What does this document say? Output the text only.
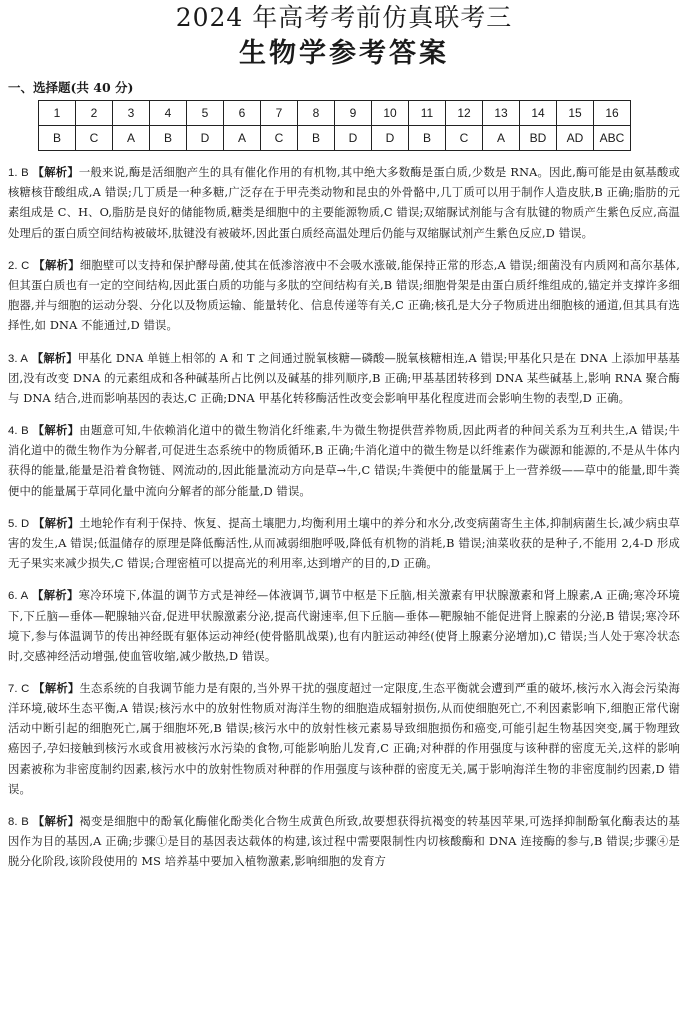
2024 年高考考前仿真联考三
生物学参考答案
一、选择题(共 40 分)
1	2	3	4	5	6	7	8	9	10	11	12	13	14	15	16
B	C	A	B	D	A	C	B	D	D	B	C	A	BD	AD	ABC

1. B 【解析】一般来说,酶是活细胞产生的具有催化作用的有机物,其中绝大多数酶是蛋白质,少数是 RNA。因此,酶可能是由氨基酸或核糖核苷酸组成,A 错误;几丁质是一种多糖,广泛存在于甲壳类动物和昆虫的外骨骼中,几丁质可以用于制作人造皮肤,B 正确;脂肪的元素组成是 C、H、O,脂肪是良好的储能物质,糖类是细胞中的主要能源物质,C 错误;双缩脲试剂能与含有肽键的物质产生紫色反应,高温处理后的蛋白质空间结构被破坏,肽键没有被破坏,因此蛋白质经高温处理后仍能与双缩脲试剂产生紫色反应,D 错误。

2. C 【解析】细胞壁可以支持和保护酵母菌,使其在低渗溶液中不会吸水涨破,能保持正常的形态,A 错误;细菌没有内质网和高尔基体,但其蛋白质也有一定的空间结构,因此蛋白质的功能与多肽的空间结构有关,B 错误;细胞骨架是由蛋白质纤维组成的,锚定并支撑许多细胞器,并与细胞的运动分裂、分化以及物质运输、能量转化、信息传递等有关,C 正确;核孔是大分子物质进出细胞核的通道,但其具有选择性,如 DNA 不能通过,D 错误。

3. A 【解析】甲基化 DNA 单链上相邻的 A 和 T 之间通过脱氧核糖—磷酸—脱氧核糖相连,A 错误;甲基化只是在 DNA 上添加甲基基团,没有改变 DNA 的元素组成和各种碱基所占比例以及碱基的排列顺序,B 正确;甲基基团转移到 DNA 某些碱基上,影响 RNA 聚合酶与 DNA 结合,进而影响基因的表达,C 正确;DNA 甲基化转移酶活性改变会影响甲基化程度进而会影响生物的表型,D 正确。

4. B 【解析】由题意可知,牛依赖消化道中的微生物消化纤维素,牛为微生物提供营养物质,因此两者的种间关系为互利共生,A 错误;牛消化道中的微生物作为分解者,可促进生态系统中的物质循环,B 正确;牛消化道中的微生物是以纤维素作为碳源和能源的,不是从牛体内获得的能量,能量是沿着食物链、网流动的,因此能量流动方向是草→牛,C 错误;牛粪便中的能量属于上一营养级——草中的能量,即牛粪便中的能量属于草同化量中流向分解者的部分能量,D 错误。

5. D 【解析】土地轮作有利于保持、恢复、提高土壤肥力,均衡利用土壤中的养分和水分,改变病菌寄生主体,抑制病菌生长,减少病虫草害的发生,A 错误;低温储存的原理是降低酶活性,从而减弱细胞呼吸,降低有机物的消耗,B 错误;油菜收获的是种子,不能用 2,4-D 形成无子果实来减少损失,C 错误;合理密植可以提高光的利用率,达到增产的目的,D 正确。

6. A 【解析】寒冷环境下,体温的调节方式是神经—体液调节,调节中枢是下丘脑,相关激素有甲状腺激素和肾上腺素,A 正确;寒冷环境下,下丘脑—垂体—靶腺轴兴奋,促进甲状腺激素分泌,提高代谢速率,但下丘脑—垂体—靶腺轴不能促进肾上腺素的分泌,B 错误;寒冷环境下,参与体温调节的传出神经既有躯体运动神经(使骨骼肌战栗),也有内脏运动神经(使肾上腺素分泌增加),C 错误;当人处于寒冷状态时,交感神经活动增强,使血管收缩,减少散热,D 错误。

7. C 【解析】生态系统的自我调节能力是有限的,当外界干扰的强度超过一定限度,生态平衡就会遭到严重的破坏,核污水入海会污染海洋环境,破坏生态平衡,A 错误;核污水中的放射性物质对海洋生物的细胞造成辐射损伤,从而使细胞死亡,不利因素影响下,细胞正常代谢活动中断引起的细胞死亡,属于细胞坏死,B 错误;核污水中的放射性核元素易导致细胞损伤和癌变,可能引起生物基因突变,属于物理致癌因子,孕妇接触到核污水或食用被核污水污染的食物,可能影响胎儿发育,C 正确;对种群的作用强度与该种群的密度无关,这样的影响因素被称为非密度制约因素,核污水中的放射性物质对种群的作用强度与该种群的密度无关,属于影响海洋生物的非密度制约因素,D 错误。

8. B 【解析】褐变是细胞中的酚氧化酶催化酚类化合物生成黄色所致,故要想获得抗褐变的转基因苹果,可选择抑制酚氧化酶表达的基因作为目的基因,A 正确;步骤①是目的基因表达载体的构建,该过程中需要限制性内切核酸酶和 DNA 连接酶的参与,B 错误;步骤④是脱分化阶段,该阶段使用的 MS 培养基中要加入植物激素,影响细胞的发育方
